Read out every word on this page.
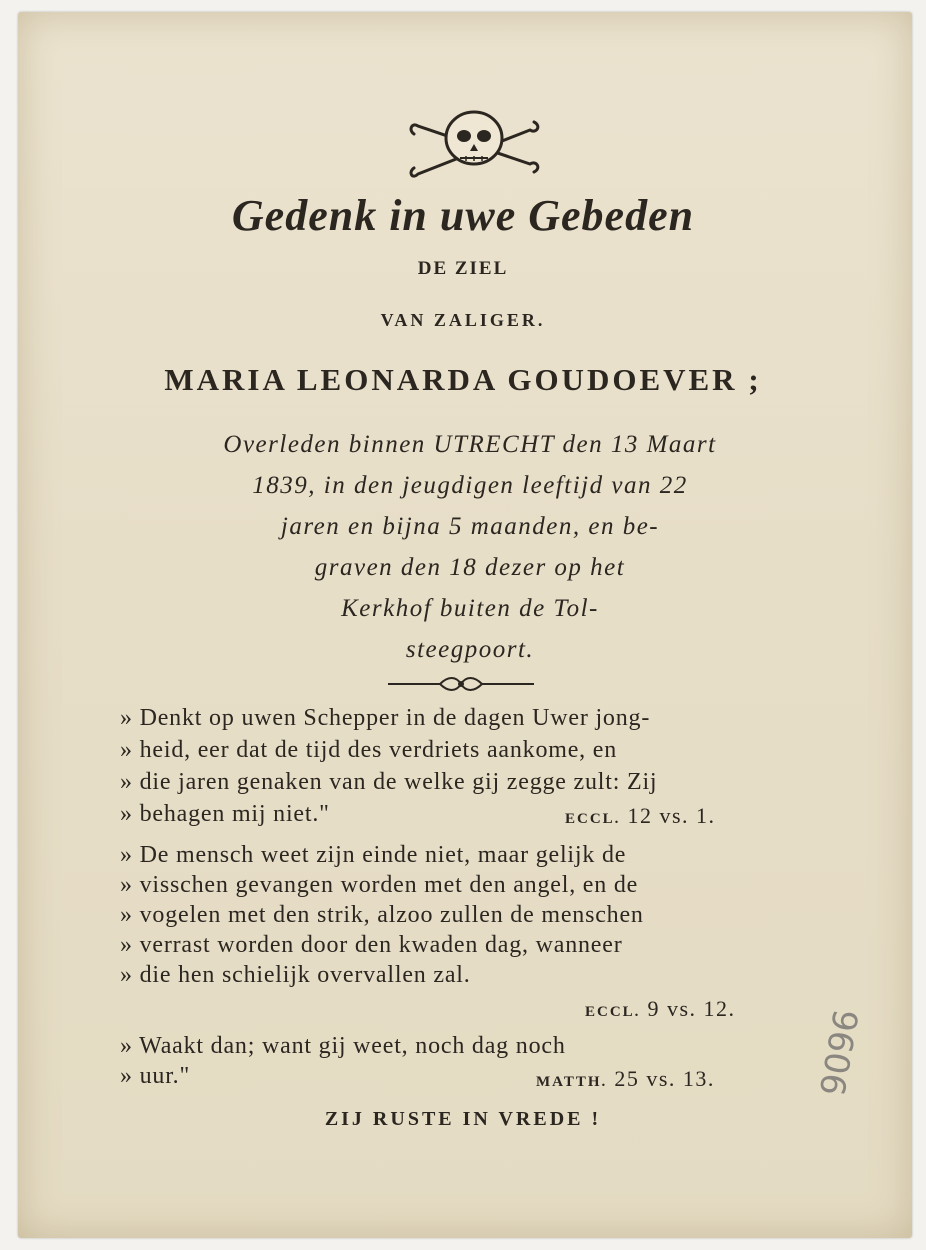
Gedenk in uwe Gebeden
DE ZIEL
VAN ZALIGER.
MARIA LEONARDA GOUDOEVER ;
Overleden binnen UTRECHT den 13 Maart
1839, in den jeugdigen leeftijd van 22
jaren en bijna 5 maanden, en be-
graven den 18 dezer op het
Kerkhof buiten de Tol-
steegpoort.
» Denkt op uwen Schepper in de dagen Uwer jong-
» heid, eer dat de tijd des verdriets aankome, en
» die jaren genaken van de welke gij zegge zult: Zij
» behagen mij niet."	ECCL. 12 vs. 1.
» De mensch weet zijn einde niet, maar gelijk de
» visschen gevangen worden met den angel, en de
» vogelen met den strik, alzoo zullen de menschen
» verrast worden door den kwaden dag, wanneer
» die hen schielijk overvallen zal.
ECCL. 9 vs. 12.
» Waakt dan; want gij weet, noch dag noch
» uur."	MATTH. 25 vs. 13.
ZIJ RUSTE IN VREDE !
9096
